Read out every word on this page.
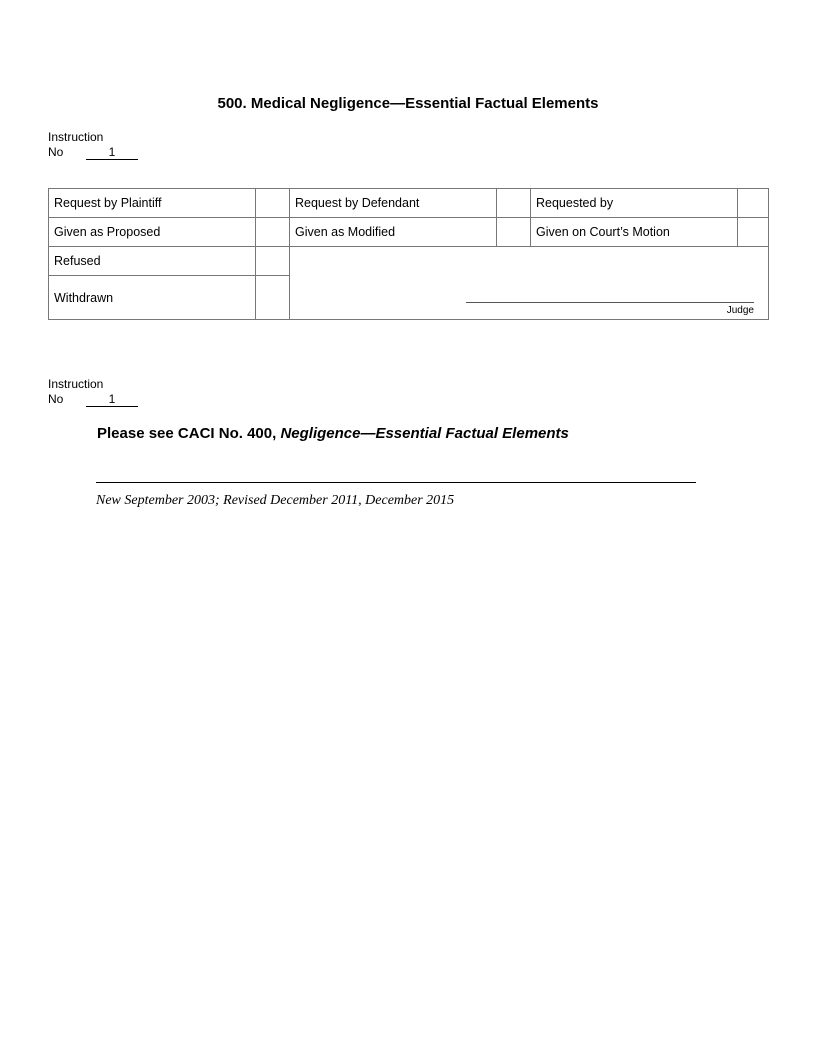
500. Medical Negligence—Essential Factual Elements
Instruction
No	1
Request by Plaintiff		Request by Defendant		Requested by	
Given as Proposed		Given as Modified		Given on Court’s Motion	
Refused		Judge			

Withdrawn					
Instruction
No	1
Please see CACI No. 400, Negligence—Essential Factual Elements
New September 2003; Revised December 2011, December 2015
